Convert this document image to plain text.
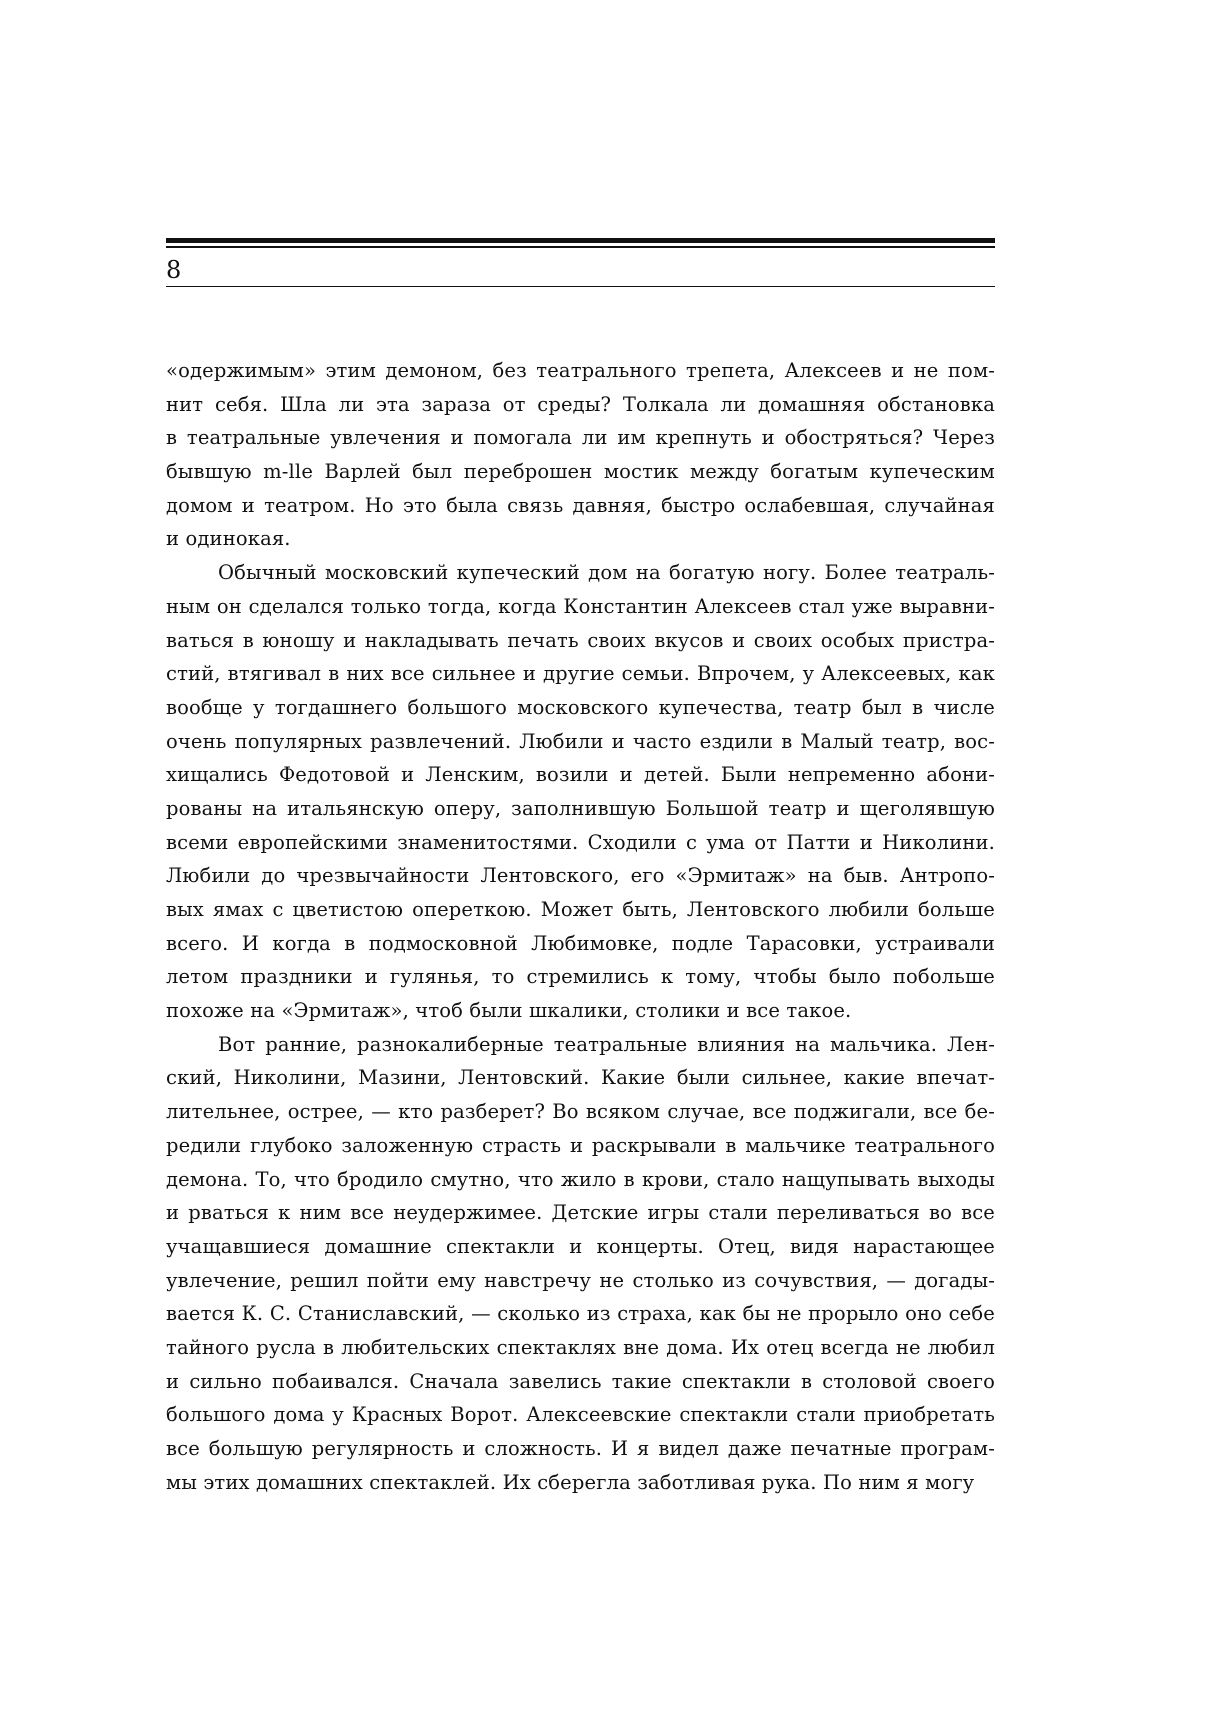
8
«одержимым» этим демоном, без театрального трепета, Алексеев и не пом-
нит себя. Шла ли эта зараза от среды? Толкала ли домашняя обстановка
в театральные увлечения и помогала ли им крепнуть и обостряться? Через
бывшую m-lle Варлей был переброшен мостик между богатым купеческим
домом и театром. Но это была связь давняя, быстро ослабевшая, случайная
и одинокая.
Обычный московский купеческий дом на богатую ногу. Более театраль-
ным он сделался только тогда, когда Константин Алексеев стал уже выравни-
ваться в юношу и накладывать печать своих вкусов и своих особых пристра-
стий, втягивал в них все сильнее и другие семьи. Впрочем, у Алексеевых, как
вообще у тогдашнего большого московского купечества, театр был в числе
очень популярных развлечений. Любили и часто ездили в Малый театр, вос-
хищались Федотовой и Ленским, возили и детей. Были непременно абони-
рованы на итальянскую оперу, заполнившую Большой театр и щеголявшую
всеми европейскими знаменитостями. Сходили с ума от Патти и Николини.
Любили до чрезвычайности Лентовского, его «Эрмитаж» на быв. Антропо-
вых ямах с цветистою опереткою. Может быть, Лентовского любили больше
всего. И когда в подмосковной Любимовке, подле Тарасовки, устраивали
летом праздники и гулянья, то стремились к тому, чтобы было побольше
похоже на «Эрмитаж», чтоб были шкалики, столики и все такое.
Вот ранние, разнокалиберные театральные влияния на мальчика. Лен-
ский, Николини, Мазини, Лентовский. Какие были сильнее, какие впечат-
лительнее, острее, — кто разберет? Во всяком случае, все поджигали, все бе-
редили глубоко заложенную страсть и раскрывали в мальчике театрального
демона. То, что бродило смутно, что жило в крови, стало нащупывать выходы
и рваться к ним все неудержимее. Детские игры стали переливаться во все
учащавшиеся домашние спектакли и концерты. Отец, видя нарастающее
увлечение, решил пойти ему навстречу не столько из сочувствия, — догады-
вается К. С. Станиславский, — сколько из страха, как бы не прорыло оно себе
тайного русла в любительских спектаклях вне дома. Их отец всегда не любил
и сильно побаивался. Сначала завелись такие спектакли в столовой своего
большого дома у Красных Ворот. Алексеевские спектакли стали приобретать
все большую регулярность и сложность. И я видел даже печатные програм-
мы этих домашних спектаклей. Их сберегла заботливая рука. По ним я могу
